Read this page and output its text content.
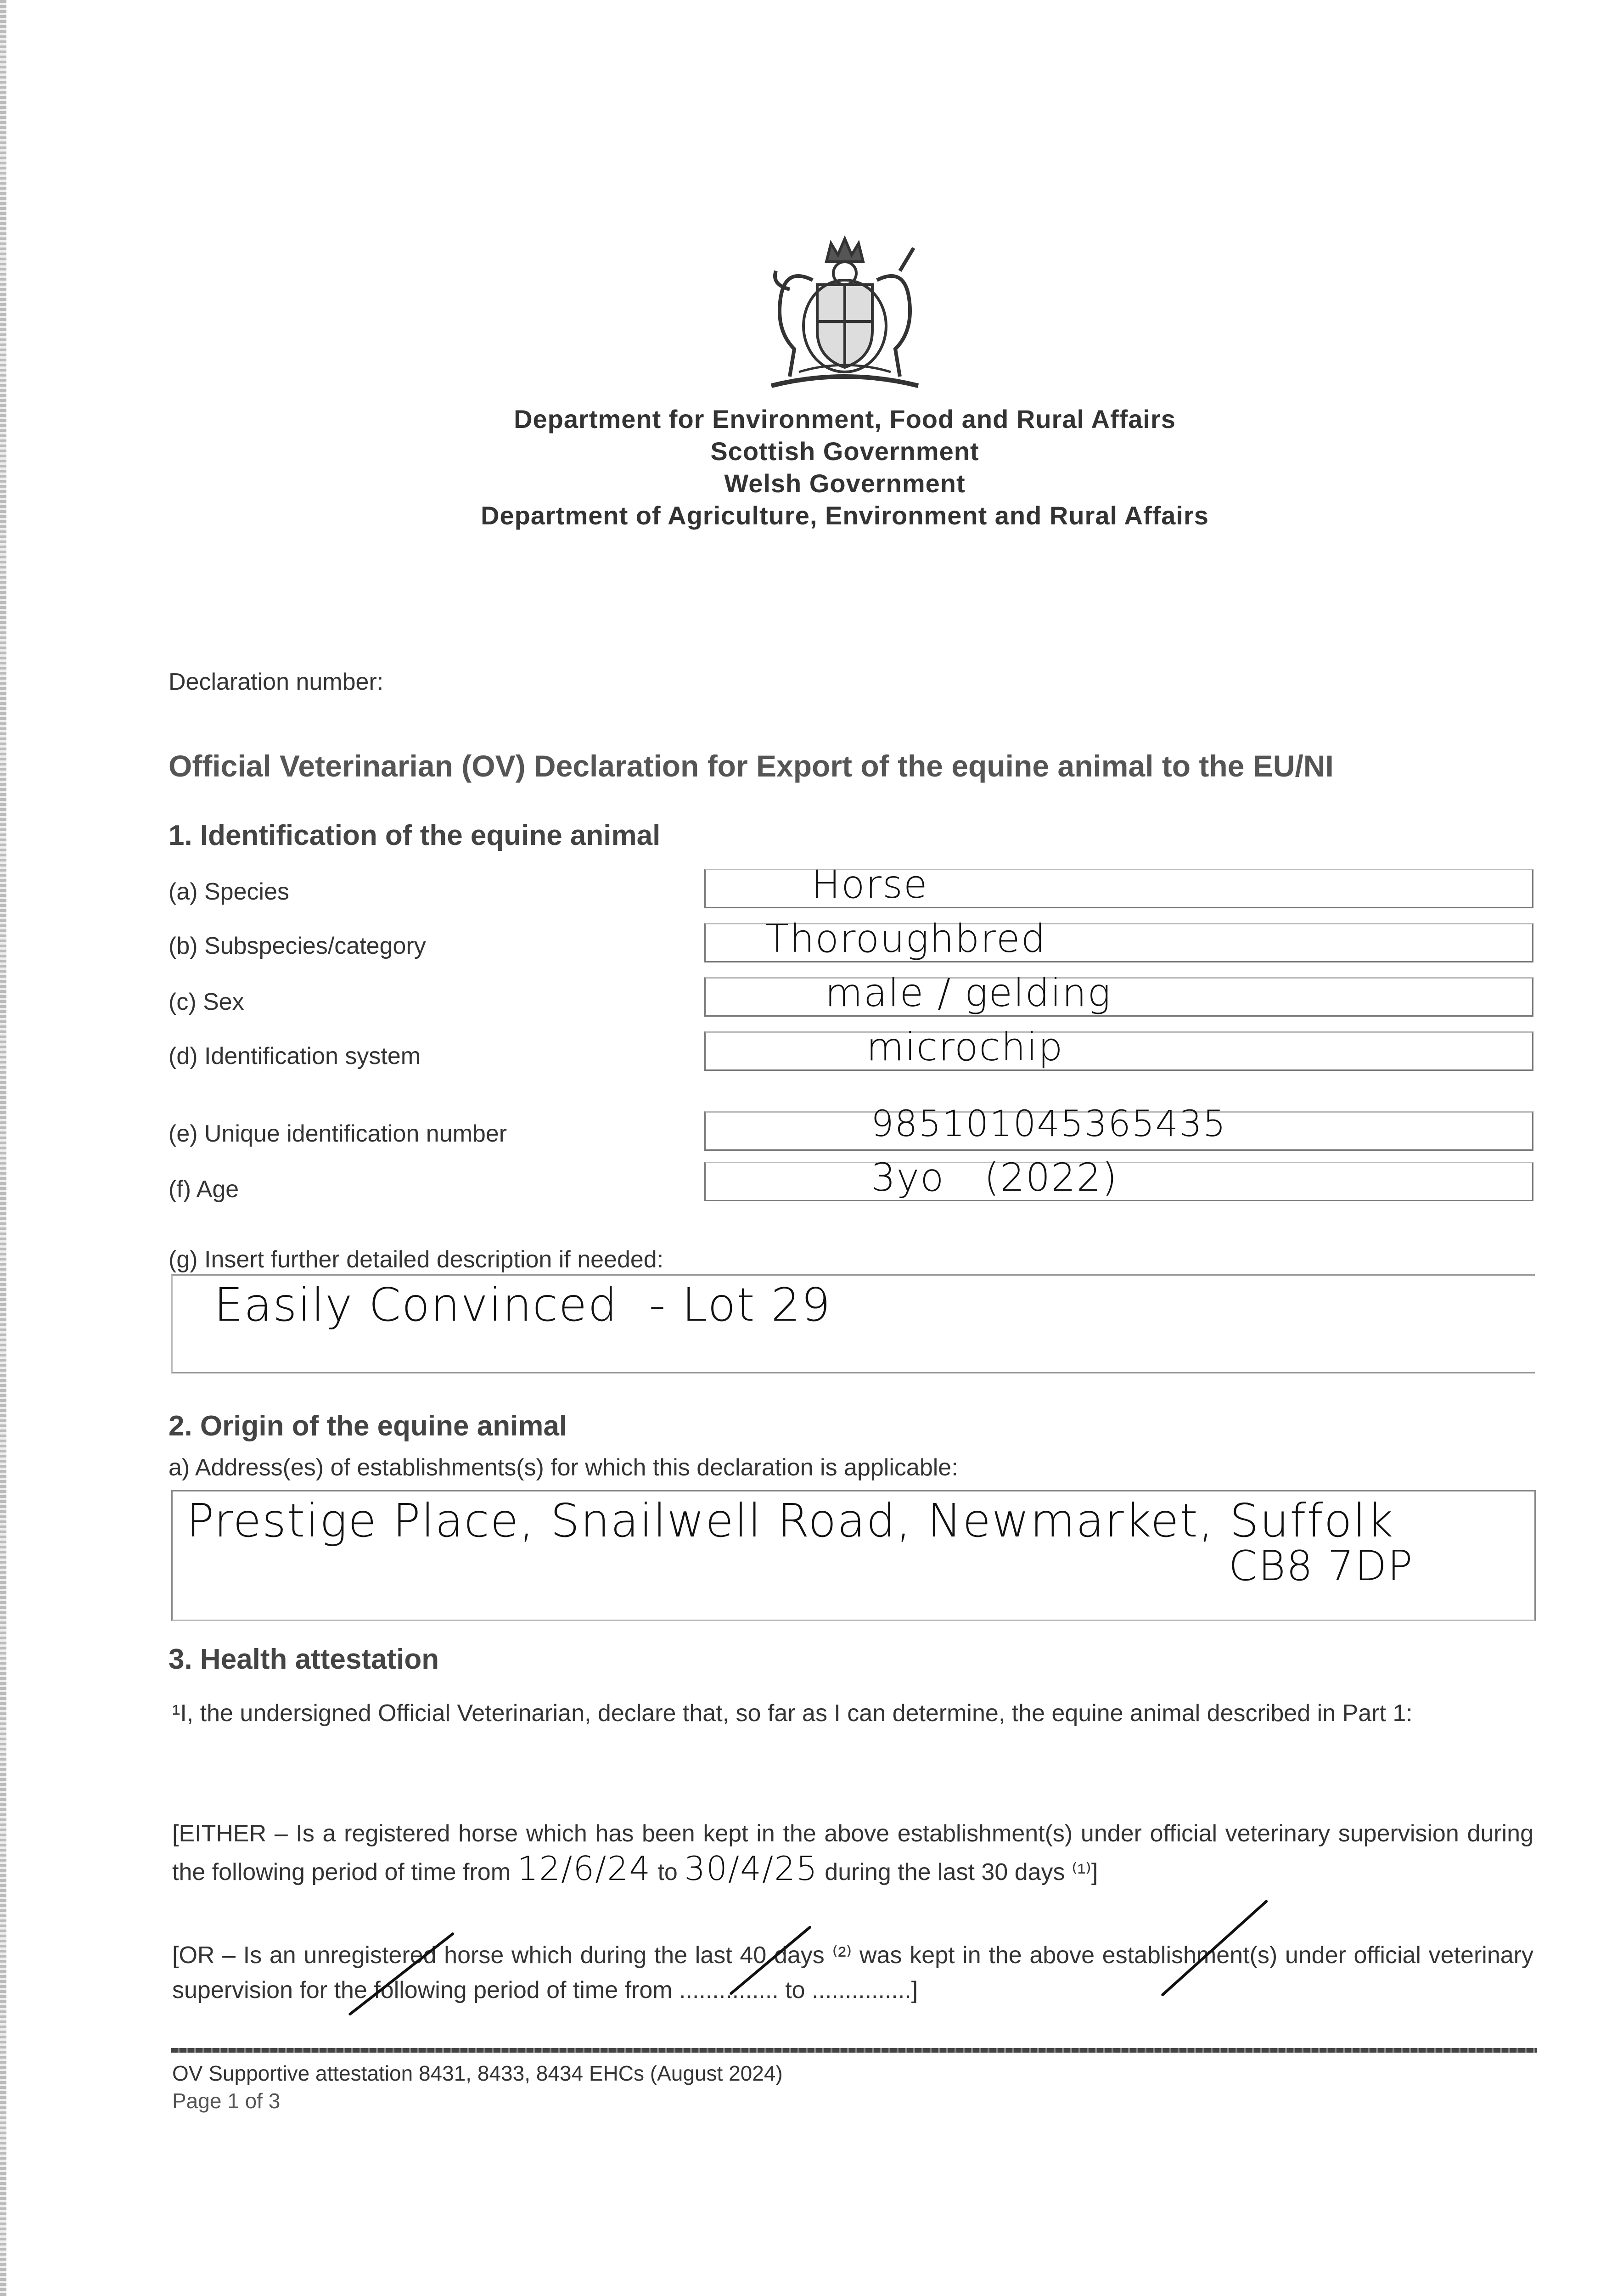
Department for Environment, Food and Rural Affairs
Scottish Government
Welsh Government
Department of Agriculture, Environment and Rural Affairs
Declaration number:
Official Veterinarian (OV) Declaration for Export of the equine animal to the EU/NI
1. Identification of the equine animal
(a) Species	Horse
(b) Subspecies/category	Thoroughbred
(c) Sex	male / gelding
(d) Identification system	microchip
(e) Unique identification number	985101045365435
(f) Age	3yo   (2022)
(g) Insert further detailed description if needed:
Easily Convinced  - Lot 29
2. Origin of the equine animal
a) Address(es) of establishments(s) for which this declaration is applicable:
Prestige Place, Snailwell Road, Newmarket, Suffolk
CB8 7DP
3. Health attestation
¹I, the undersigned Official Veterinarian, declare that, so far as I can determine, the equine animal described in Part 1:
[EITHER – Is a registered horse which has been kept in the above establishment(s) under official veterinary supervision during the following period of time from 12/6/24 to 30/4/25 during the last 30 days ⁽¹⁾]
[OR – Is an unregistered horse which during the last 40 days ⁽²⁾ was kept in the above establishment(s) under official veterinary supervision for the following period of time from ............... to ...............]
OV Supportive attestation 8431, 8433, 8434 EHCs (August 2024)
Page 1 of 3
